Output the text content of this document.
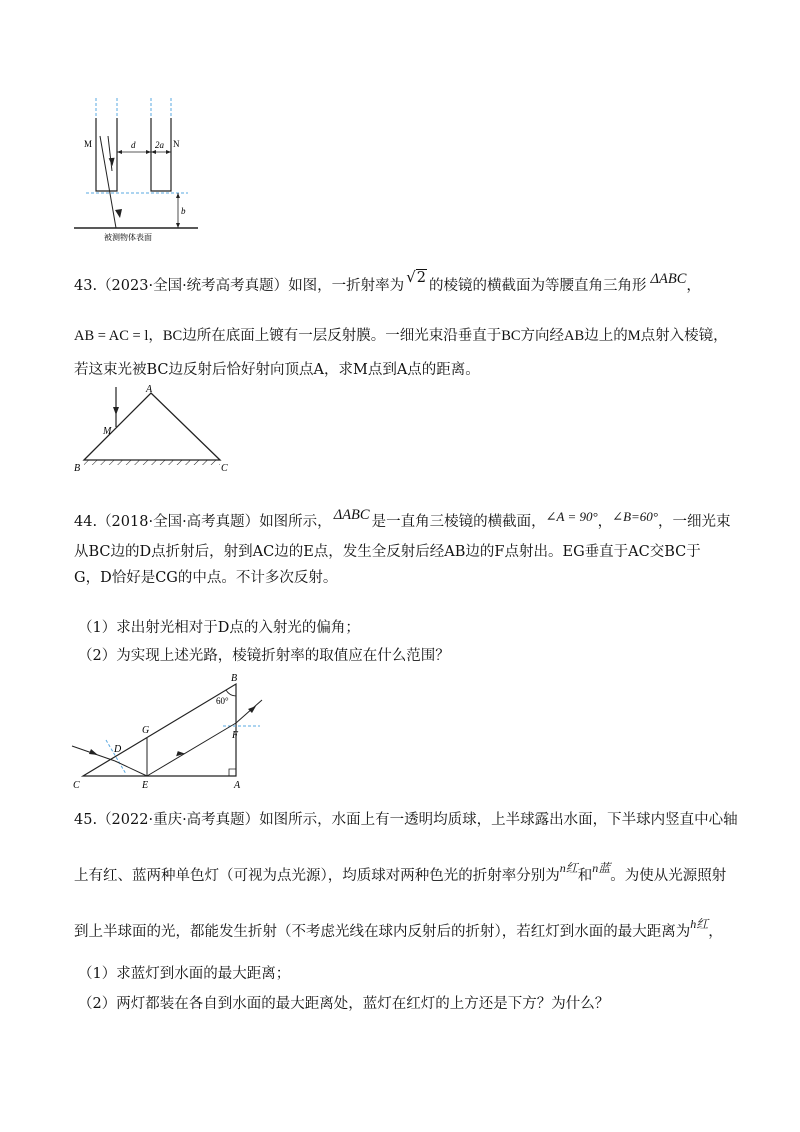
M	N
d 2a
b
被测物体表面
43.（2023·全国·统考高考真题）如图，一折射率为 √2 的棱镜的横截面为等腰直角三角形 ΔABC，
AB = AC = l，BC边所在底面上镀有一层反射膜。一细光束沿垂直于BC方向经AB边上的M点射入棱镜，
若这束光被BC边反射后恰好射向顶点A，求M点到A点的距离。
A
M
B	C
44.（2018·全国·高考真题）如图所示， ΔABC 是一直角三棱镜的横截面，∠A = 90°，∠B=60°，一细光束
从BC边的D点折射后，射到AC边的E点，发生全反射后经AB边的F点射出。EG垂直于AC交BC于
G，D恰好是CG的中点。不计多次反射。
（1）求出射光相对于D点的入射光的偏角；
（2）为实现上述光路，棱镜折射率的取值应在什么范围？
B
60°
G
D
F
C	E	A
45.（2022·重庆·高考真题）如图所示，水面上有一透明均质球，上半球露出水面，下半球内竖直中心轴
上有红、蓝两种单色灯（可视为点光源），均质球对两种色光的折射率分别为$^{n红}$和$^{n蓝}$。为使从光源照射
到上半球面的光，都能发生折射（不考虑光线在球内反射后的折射），若红灯到水面的最大距离为$^{h红}$，
（1）求蓝灯到水面的最大距离；
（2）两灯都装在各自到水面的最大距离处，蓝灯在红灯的上方还是下方？为什么？
